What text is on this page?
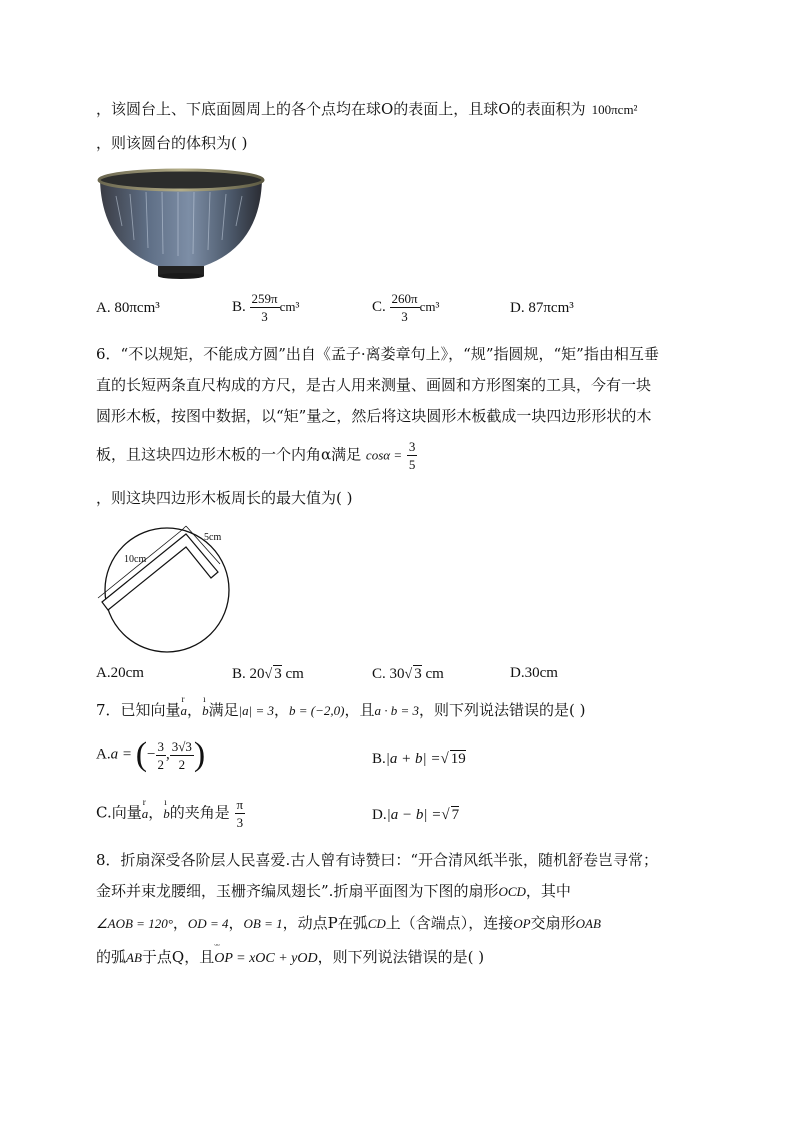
，该圆台上、下底面圆周上的各个点均在球O的表面上，且球O的表面积为 100πcm²
，则该圆台的体积为( )
A. 80πcm³	B. $\frac{259\pi}{3} cm^3$	C. $\frac{260\pi}{3} cm^3$	D. 87πcm³
6．“不以规矩，不能成方圆”出自《孟子·离娄章句上》，“规”指圆规，“矩”指由相互垂
直的长短两条直尺构成的方尺，是古人用来测量、画圆和方形图案的工具，今有一块
圆形木板，按图中数据，以“矩”量之，然后将这块圆形木板截成一块四边形形状的木
板，且这块四边形木板的一个内角α满足 $\cos\alpha = \frac{3}{5}$
，则这块四边形木板周长的最大值为( )
10cm
5cm
A.20cm	B. 20√ 3 cm	C. 30√ 3 cm	D.30cm
7．已知向量r a，ı b满足|a| = 3，b = (−2,0)，且a · b = 3，则下列说法错误的是( )
A.a = (− $\frac{3}{2}$ , $\frac{3√3}{2}$ )	B.|a + b| =√ 19
C.向量r a，ı b的夹角是 $\frac{\pi}{3}$	D.|a − b| =√ 7
8．折扇深受各阶层人民喜爱.古人曾有诗赞曰：“开合清风纸半张，随机舒卷岂寻常；
金环并束龙腰细，玉栅齐编凤翅长”.折扇平面图为下图的扇形OCD，其中
∠AOB = 120°，OD = 4，OB = 1，动点P在弧CD上（含端点），连接OP交扇形OAB
的弧AB于点Q，且ᵕᵕᵕ OP = xOC + yOD，则下列说法错误的是( )
